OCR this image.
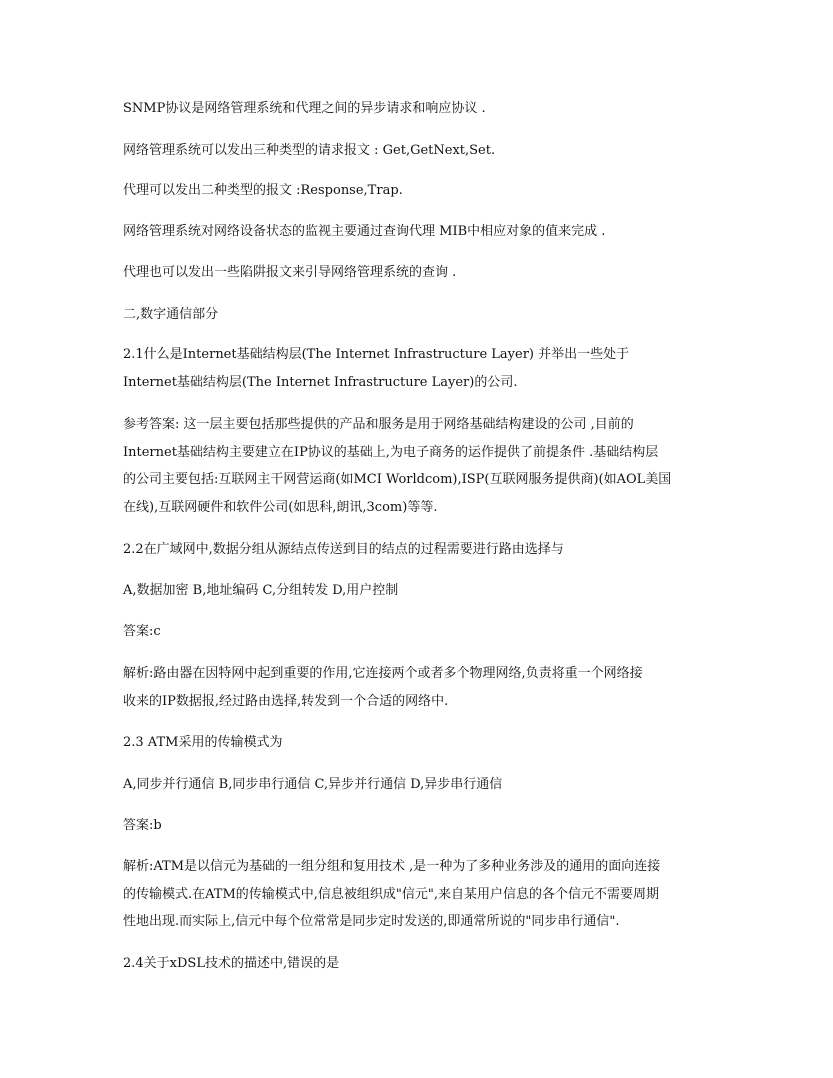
SNMP协议是网络管理系统和代理之间的异步请求和响应协议 .

网络管理系统可以发出三种类型的请求报文 : Get,GetNext,Set.

代理可以发出二种类型的报文 :Response,Trap.

网络管理系统对网络设备状态的监视主要通过查询代理 MIB中相应对象的值来完成 .

代理也可以发出一些陷阱报文来引导网络管理系统的查询 .

二,数字通信部分

2.1什么是Internet基础结构层(The Internet Infrastructure Layer) 并举出一些处于
Internet基础结构层(The Internet Infrastructure Layer)的公司.

参考答案: 这一层主要包括那些提供的产品和服务是用于网络基础结构建设的公司 ,目前的
Internet基础结构主要建立在IP协议的基础上,为电子商务的运作提供了前提条件 .基础结构层
的公司主要包括:互联网主干网营运商(如MCI Worldcom),ISP(互联网服务提供商)(如AOL美国
在线),互联网硬件和软件公司(如思科,朗讯,3com)等等.

2.2在广域网中,数据分组从源结点传送到目的结点的过程需要进行路由选择与

A,数据加密 B,地址编码 C,分组转发 D,用户控制

答案:c

解析:路由器在因特网中起到重要的作用,它连接两个或者多个物理网络,负责将重一个网络接
收来的IP数据报,经过路由选择,转发到一个合适的网络中.

2.3 ATM采用的传输模式为

A,同步并行通信 B,同步串行通信 C,异步并行通信 D,异步串行通信

答案:b

解析:ATM是以信元为基础的一组分组和复用技术 ,是一种为了多种业务涉及的通用的面向连接
的传输模式.在ATM的传输模式中,信息被组织成"信元",来自某用户信息的各个信元不需要周期
性地出现.而实际上,信元中每个位常常是同步定时发送的,即通常所说的"同步串行通信".

2.4关于xDSL技术的描述中,错误的是
